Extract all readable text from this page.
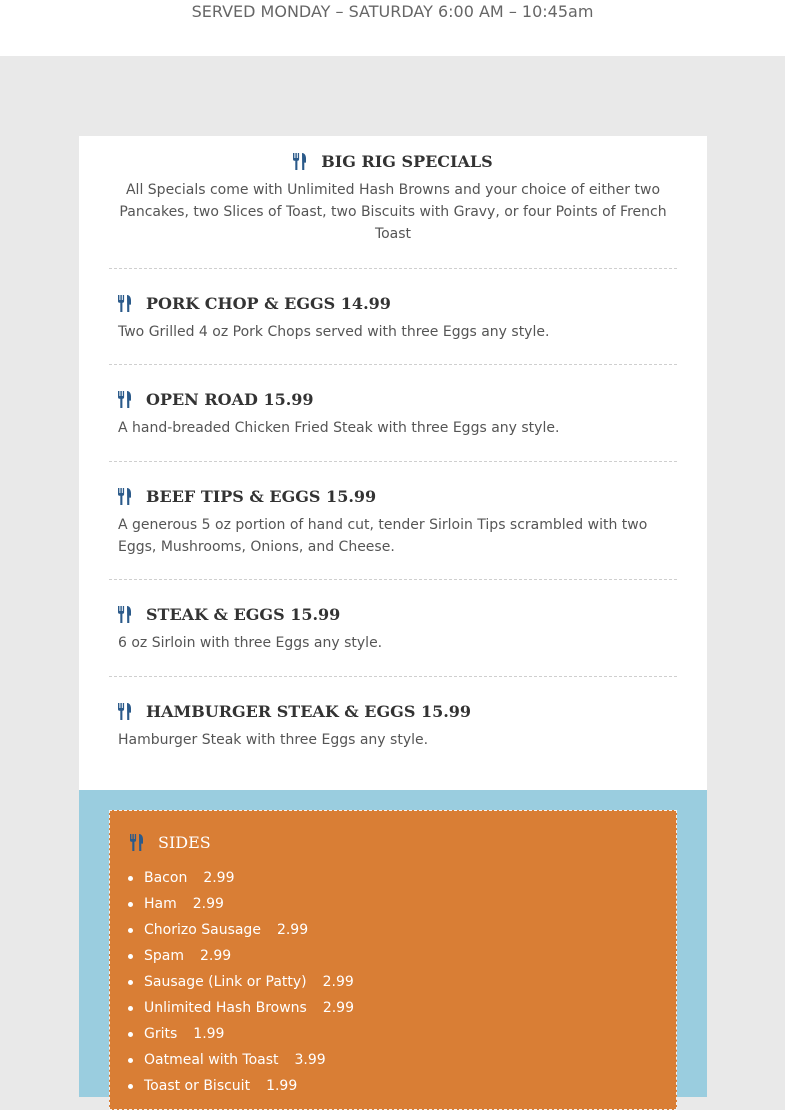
SERVED MONDAY – SATURDAY 6:00 AM – 10:45am
BIG RIG SPECIALS

All Specials come with Unlimited Hash Browns and your choice of either two Pancakes, two Slices of Toast, two Biscuits with Gravy, or four Points of French Toast

PORK CHOP & EGGS 14.99

Two Grilled 4 oz Pork Chops served with three Eggs any style.

OPEN ROAD 15.99

A hand-breaded Chicken Fried Steak with three Eggs any style.

BEEF TIPS & EGGS 15.99

A generous 5 oz portion of hand cut, tender Sirloin Tips scrambled with two Eggs, Mushrooms, Onions, and Cheese.

STEAK & EGGS 15.99

6 oz Sirloin with three Eggs any style.

HAMBURGER STEAK & EGGS 15.99

Hamburger Steak with three Eggs any style.

SIDES
Bacon 2.99
Ham 2.99
Chorizo Sausage 2.99
Spam 2.99
Sausage (Link or Patty) 2.99
Unlimited Hash Browns 2.99
Grits 1.99
Oatmeal with Toast 3.99
Toast or Biscuit 1.99
